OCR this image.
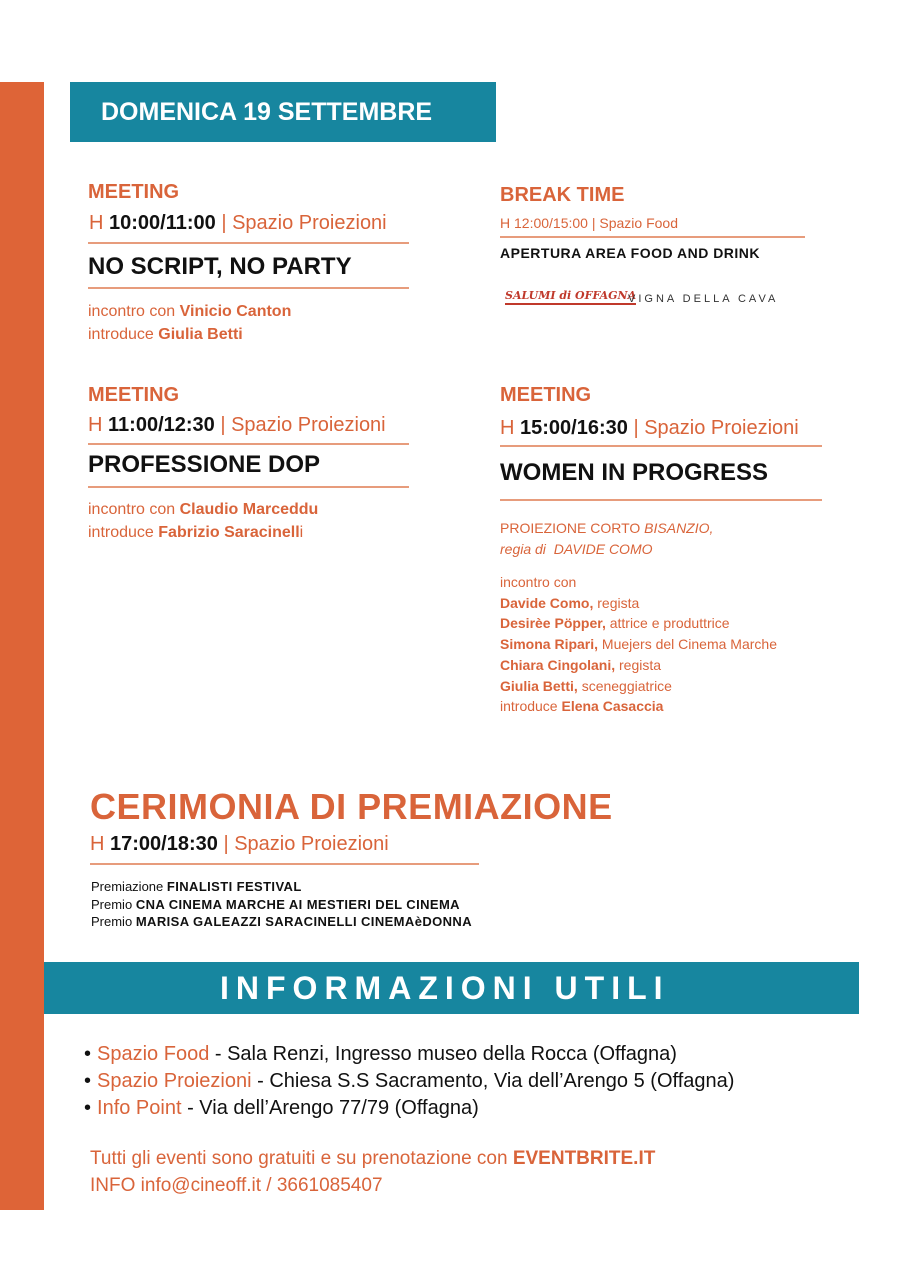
DOMENICA 19 SETTEMBRE
MEETING
H 10:00/11:00 | Spazio Proiezioni
NO SCRIPT, NO PARTY
incontro con Vinicio Canton
introduce Giulia Betti
BREAK TIME
H 12:00/15:00 | Spazio Food
APERTURA AREA FOOD AND DRINK
SALUMI di OFFAGNA
VIGNA DELLA CAVA
MEETING
H 11:00/12:30 | Spazio Proiezioni
PROFESSIONE DOP
incontro con Claudio Marceddu
introduce Fabrizio Saracinelli
MEETING
H 15:00/16:30 | Spazio Proiezioni
WOMEN IN PROGRESS
PROIEZIONE CORTO BISANZIO,
regia di DAVIDE COMO
incontro con
Davide Como, regista
Desirèe Pöpper, attrice e produttrice
Simona Ripari, Muejers del Cinema Marche
Chiara Cingolani, regista
Giulia Betti, sceneggiatrice
introduce Elena Casaccia
CERIMONIA DI PREMIAZIONE
H 17:00/18:30 | Spazio Proiezioni
Premiazione FINALISTI FESTIVAL
Premio CNA CINEMA MARCHE AI MESTIERI DEL CINEMA
Premio MARISA GALEAZZI SARACINELLI CINEMAèDONNA
INFORMAZIONI UTILI
• Spazio Food - Sala Renzi, Ingresso museo della Rocca (Offagna)
• Spazio Proiezioni - Chiesa S.S Sacramento, Via dell’Arengo 5 (Offagna)
• Info Point - Via dell’Arengo 77/79 (Offagna)
Tutti gli eventi sono gratuiti e su prenotazione con EVENTBRITE.IT
INFO info@cineoff.it / 3661085407
